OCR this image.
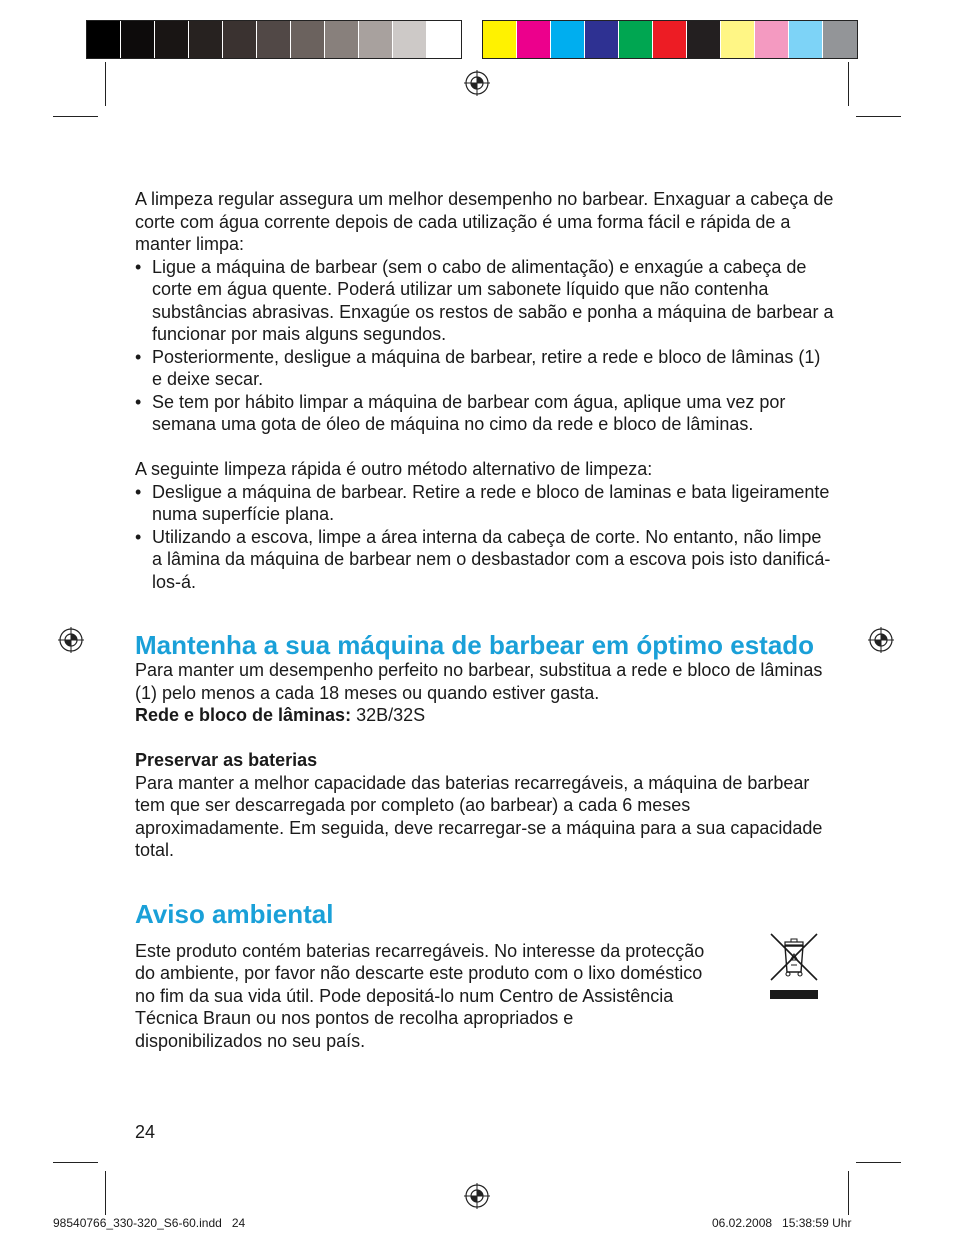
A limpeza regular assegura um melhor desempenho no barbear. Enxaguar a cabeça de corte com água corrente depois de cada utilização é uma forma fácil e rápida de a manter limpa:

• Ligue a máquina de barbear (sem o cabo de alimentação) e enxagúe a cabeça de corte em água quente. Poderá utilizar um sabonete líquido que não contenha substâncias abrasivas. Enxagúe os restos de sabão e ponha a máquina de barbear a funcionar por mais alguns segundos.
• Posteriormente, desligue a máquina de barbear, retire a rede e bloco de lâminas (1) e deixe secar.
• Se tem por hábito limpar a máquina de barbear com água, aplique uma vez por semana uma gota de óleo de máquina no cimo da rede e bloco de lâminas.

A seguinte limpeza rápida é outro método alternativo de limpeza:

• Desligue a máquina de barbear. Retire a rede e bloco de laminas e bata ligeiramente numa superfície plana.
• Utilizando a escova, limpe a área interna da cabeça de corte. No entanto, não limpe a lâmina da máquina de barbear nem o desbastador com a escova pois isto danificá-los-á.
Mantenha a sua máquina de barbear em óptimo estado

Para manter um desempenho perfeito no barbear, substitua a rede e bloco de lâminas (1) pelo menos a cada 18 meses ou quando estiver gasta.

Rede e bloco de lâminas: 32B/32S

Preservar as baterias

Para manter a melhor capacidade das baterias recarregáveis, a máquina de barbear tem que ser descarregada por completo (ao barbear) a cada 6 meses aproximadamente. Em seguida, deve recarregar-se a máquina para a sua capacidade total.

Aviso ambiental

Este produto contém baterias recarregáveis. No interesse da protecção do ambiente, por favor não descarte este produto com o lixo doméstico no fim da sua vida útil. Pode depositá-lo num Centro de Assistência Técnica Braun ou nos pontos de recolha apropriados e disponibilizados no seu país.

24
98540766_330-320_S6-60.indd   24	06.02.2008   15:38:59 Uhr
